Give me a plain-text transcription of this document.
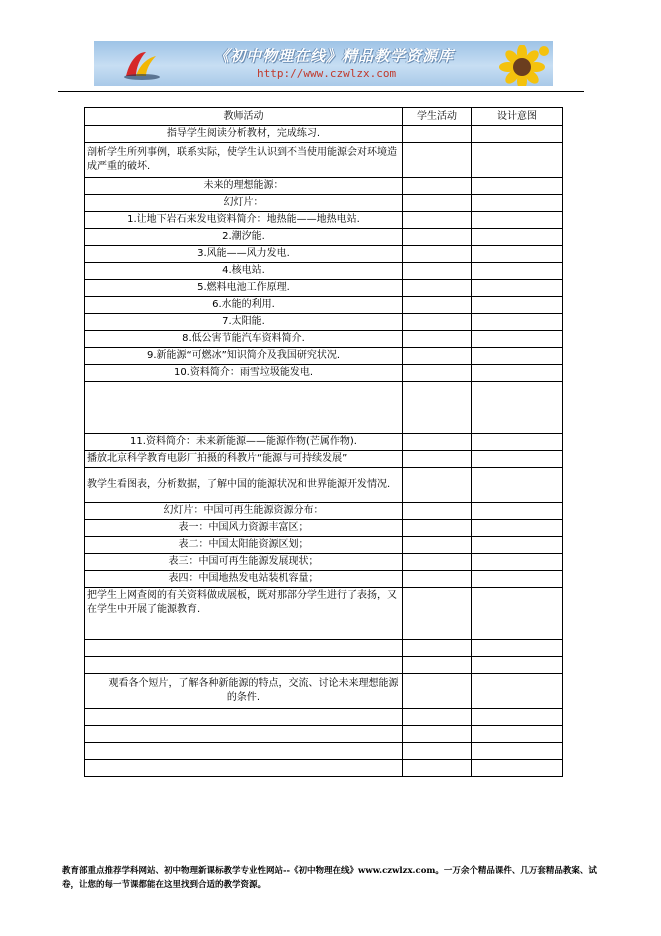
《初中物理在线》精品教学资源库
http://www.czwlzx.com
教师活动	学生活动	设计意图
指导学生阅读分析教材，完成练习.		
剖析学生所列事例，联系实际，使学生认识到不当使用能源会对环境造成严重的破坏.		
未来的理想能源：		
幻灯片：		
1.让地下岩石来发电资料简介：地热能——地热电站.		
2.潮汐能.		
3.风能——风力发电.		
4.核电站.		
5.燃料电池工作原理.		
6.水能的利用.		
7.太阳能.		
8.低公害节能汽车资料简介.		
9.新能源“可燃冰”知识简介及我国研究状况.		
10.资料简介：雨雪垃圾能发电.		

11.资料简介：未来新能源——能源作物(芒属作物).		
播放北京科学教育电影厂拍摄的科教片“能源与可持续发展”		
教学生看图表，分析数据，了解中国的能源状况和世界能源开发情况.		
幻灯片：中国可再生能源资源分布：		
表一：中国风力资源丰富区；		
表二：中国太阳能资源区划；		
表三：中国可再生能源发展现状；		
表四：中国地热发电站装机容量；		
把学生上网查阅的有关资料做成展板，既对那部分学生进行了表扬，又在学生中开展了能源教育.		

观看各个短片，了解各种新能源的特点，交流、讨论未来理想能源的条件.		

教育部重点推荐学科网站、初中物理新课标教学专业性网站--《初中物理在线》www.czwlzx.com。一万余个精品课件、几万套精品教案、试卷，让您的每一节课都能在这里找到合适的教学资源。
